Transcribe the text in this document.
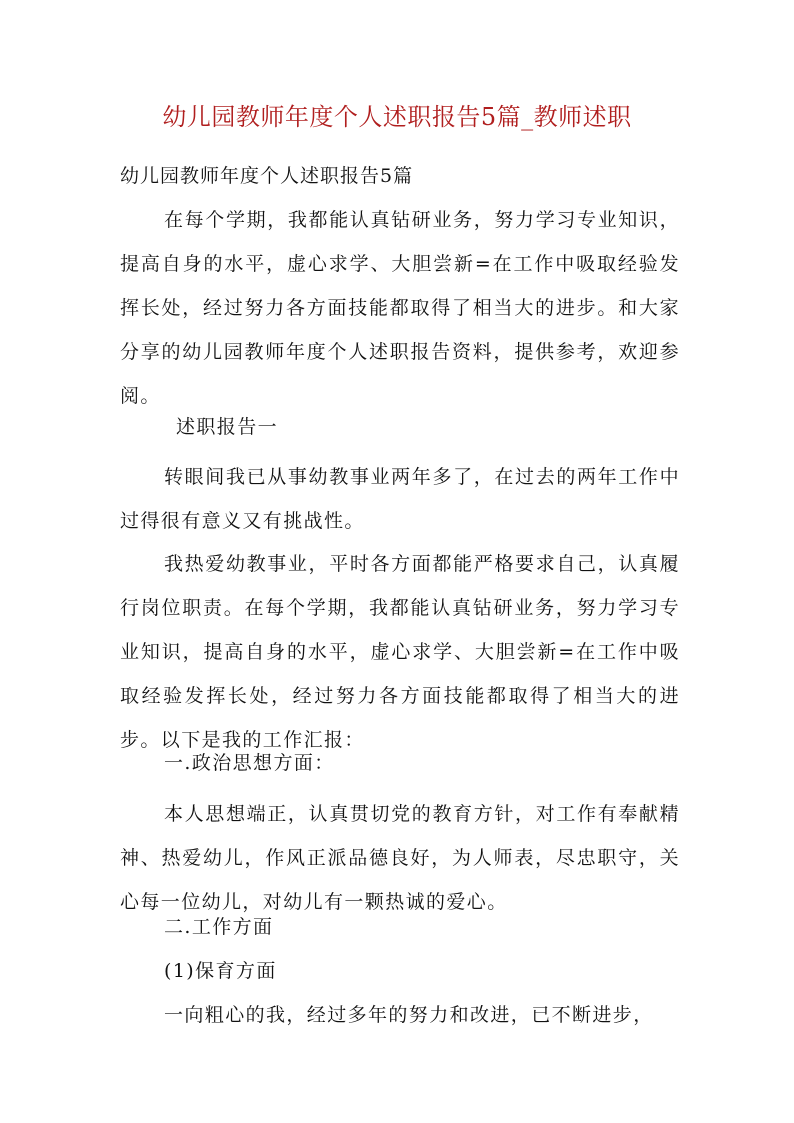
幼儿园教师年度个人述职报告5篇_教师述职
幼儿园教师年度个人述职报告5篇
在每个学期，我都能认真钻研业务，努力学习专业知识，提高自身的水平，虚心求学、大胆尝新=在工作中吸取经验发挥长处，经过努力各方面技能都取得了相当大的进步。和大家分享的幼儿园教师年度个人述职报告资料，提供参考，欢迎参阅。
述职报告一
转眼间我已从事幼教事业两年多了，在过去的两年工作中过得很有意义又有挑战性。
我热爱幼教事业，平时各方面都能严格要求自己，认真履行岗位职责。在每个学期，我都能认真钻研业务，努力学习专业知识，提高自身的水平，虚心求学、大胆尝新=在工作中吸取经验发挥长处，经过努力各方面技能都取得了相当大的进步。以下是我的工作汇报：
一.政治思想方面：
本人思想端正，认真贯切党的教育方针，对工作有奉献精神、热爱幼儿，作风正派品德良好，为人师表，尽忠职守，关心每一位幼儿，对幼儿有一颗热诚的爱心。
二.工作方面
(1)保育方面
一向粗心的我，经过多年的努力和改进，已不断进步，
